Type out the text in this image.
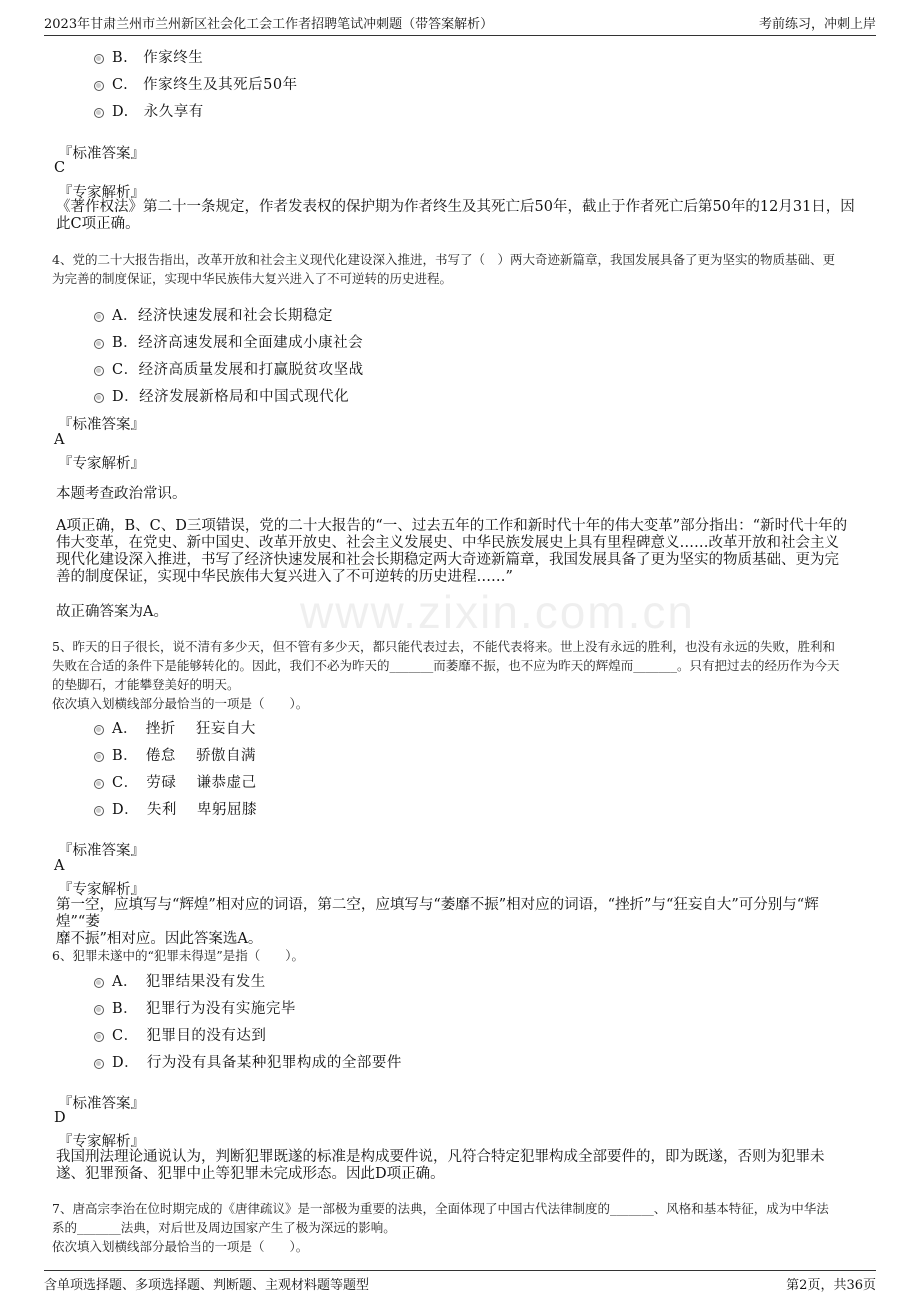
2023年甘肃兰州市兰州新区社会化工会工作者招聘笔试冲刺题（带答案解析）	考前练习，冲刺上岸
www.zixin.com.cn
B.　作家终生
C.　作家终生及其死后50年
D.　永久享有
『标准答案』
C
『专家解析』
《著作权法》第二十一条规定，作者发表权的保护期为作者终生及其死亡后50年，截止于作者死亡后第50年的12月31日，因
此C项正确。
4、党的二十大报告指出，改革开放和社会主义现代化建设深入推进，书写了（　）两大奇迹新篇章，我国发展具备了更为坚实的物质基础、更
为完善的制度保证，实现中华民族伟大复兴进入了不可逆转的历史进程。
A．经济快速发展和社会长期稳定
B．经济高速发展和全面建成小康社会
C．经济高质量发展和打赢脱贫攻坚战
D．经济发展新格局和中国式现代化
『标准答案』
A
『专家解析』
本题考查政治常识。
A项正确，B、C、D三项错误，党的二十大报告的“一、过去五年的工作和新时代十年的伟大变革”部分指出：“新时代十年的
伟大变革，在党史、新中国史、改革开放史、社会主义发展史、中华民族发展史上具有里程碑意义……改革开放和社会主义
现代化建设深入推进，书写了经济快速发展和社会长期稳定两大奇迹新篇章，我国发展具备了更为坚实的物质基础、更为完
善的制度保证，实现中华民族伟大复兴进入了不可逆转的历史进程……”
故正确答案为A。
5、昨天的日子很长，说不清有多少天，但不管有多少天，都只能代表过去，不能代表将来。世上没有永远的胜利，也没有永远的失败，胜利和
失败在合适的条件下是能够转化的。因此，我们不必为昨天的_______而萎靡不振，也不应为昨天的辉煌而_______。只有把过去的经历作为今天
的垫脚石，才能攀登美好的明天。
依次填入划横线部分最恰当的一项是（　　）。
A．　挫折　 狂妄自大
B．　倦怠　 骄傲自满
C．　劳碌　 谦恭虚己
D．　失利　 卑躬屈膝
『标准答案』
A
『专家解析』
第一空，应填写与“辉煌”相对应的词语，第二空，应填写与“萎靡不振”相对应的词语，“挫折”与“狂妄自大”可分别与“辉煌”“萎
靡不振”相对应。因此答案选A。
6、犯罪未遂中的“犯罪未得逞”是指（　　）。
A．　犯罪结果没有发生
B．　犯罪行为没有实施完毕
C．　犯罪目的没有达到
D．　行为没有具备某种犯罪构成的全部要件
『标准答案』
D
『专家解析』
我国刑法理论通说认为，判断犯罪既遂的标准是构成要件说，凡符合特定犯罪构成全部要件的，即为既遂，否则为犯罪未
遂、犯罪预备、犯罪中止等犯罪未完成形态。因此D项正确。
7、唐高宗李治在位时期完成的《唐律疏议》是一部极为重要的法典，全面体现了中国古代法律制度的_______、风格和基本特征，成为中华法
系的_______法典，对后世及周边国家产生了极为深远的影响。
依次填入划横线部分最恰当的一项是（　　）。
含单项选择题、多项选择题、判断题、主观材料题等题型	第2页，共36页
